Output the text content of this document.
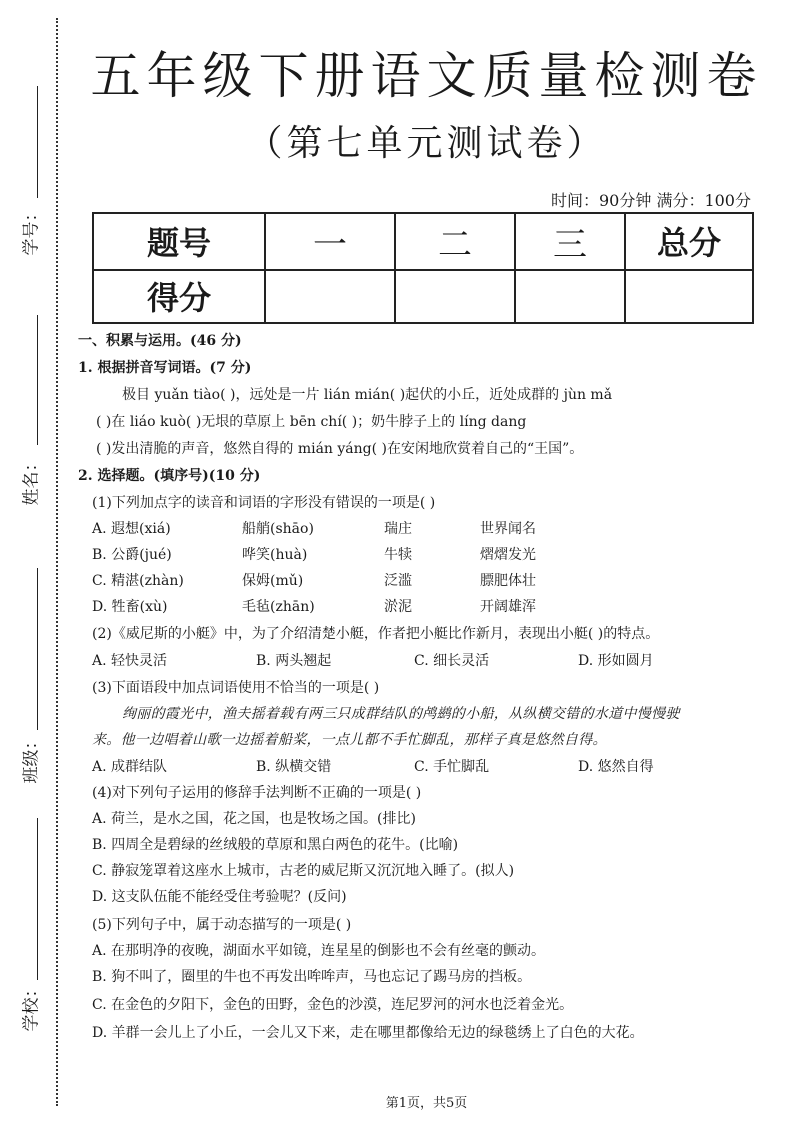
学号：
姓名：
班级：
学校：
五年级下册语文质量检测卷
（第七单元测试卷）
时间：90分钟 满分：100分
题号	一	二	三	总分
得分				
一、积累与运用。(46 分)
1. 根据拼音写词语。(7 分)
极目 yuǎn tiào( )，远处是一片 lián mián( )起伏的小丘，近处成群的 jùn mǎ
( )在 liáo kuò( )无垠的草原上 bēn chí( )；奶牛脖子上的 líng dang
( )发出清脆的声音，悠然自得的 mián yáng( )在安闲地欣赏着自己的“王国”。
2. 选择题。(填序号)(10 分)
(1)下列加点字的读音和词语的字形没有错误的一项是( )
A. 遐想(xiá)	船艄(shāo)	瑞庄	世界闻名
B. 公爵(jué)	哗笑(huà)	牛犊	熠熠发光
C. 精湛(zhàn)	保姆(mǔ)	泛滥	膘肥体壮
D. 牲畜(xù)	毛毡(zhān)	淤泥	开阔雄浑
(2)《威尼斯的小艇》中，为了介绍清楚小艇，作者把小艇比作新月，表现出小艇( )的特点。
A. 轻快灵活	B. 两头翘起	C. 细长灵活	D. 形如圆月
(3)下面语段中加点词语使用不恰当的一项是( )
绚丽的霞光中，渔夫摇着载有两三只成群结队的鸬鹚的小船，从纵横交错的水道中慢慢驶
来。他一边唱着山歌一边摇着船桨，一点儿都不手忙脚乱，那样子真是悠然自得。
A. 成群结队	B. 纵横交错	C. 手忙脚乱	D. 悠然自得
(4)对下列句子运用的修辞手法判断不正确的一项是( )
A. 荷兰，是水之国，花之国，也是牧场之国。(排比)
B. 四周全是碧绿的丝绒般的草原和黑白两色的花牛。(比喻)
C. 静寂笼罩着这座水上城市，古老的威尼斯又沉沉地入睡了。(拟人)
D. 这支队伍能不能经受住考验呢？(反问)
(5)下列句子中，属于动态描写的一项是( )
A. 在那明净的夜晚，湖面水平如镜，连星星的倒影也不会有丝毫的颤动。
B. 狗不叫了，圈里的牛也不再发出哞哞声，马也忘记了踢马房的挡板。
C. 在金色的夕阳下，金色的田野，金色的沙漠，连尼罗河的河水也泛着金光。
D. 羊群一会儿上了小丘，一会儿又下来，走在哪里都像给无边的绿毯绣上了白色的大花。
第1页，共5页
